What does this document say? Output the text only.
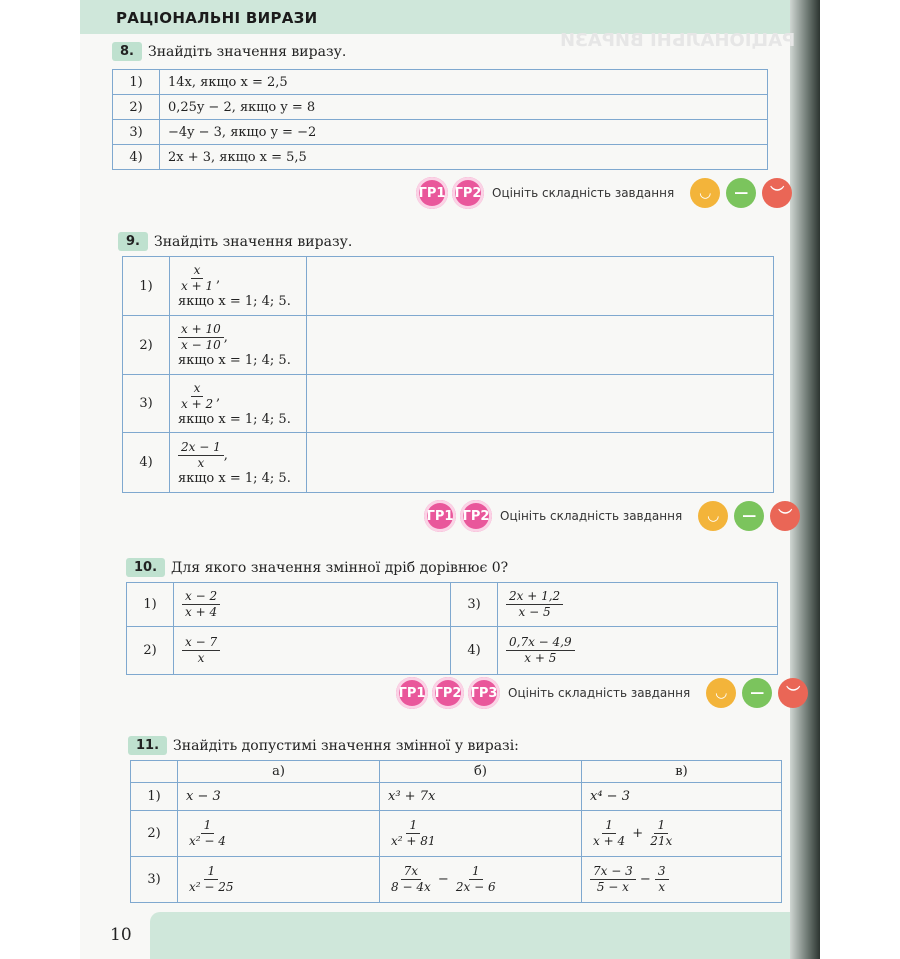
РАЦІОНАЛЬНІ ВИРАЗИ
РАЦІОНАЛЬНІ ВИРАЗИ
8.	Знайдіть значення виразу.
1)	14x, якщо x = 2,5
2)	0,25y − 2, якщо y = 8
3)	−4y − 3, якщо y = −2
4)	2x + 3, якщо x = 5,5
ГР1 ГР2 Оцініть складність завдання	◡	—	︶
9.	Знайдіть значення виразу.
1)	$\frac{x}{x + 1}$ ,
якщо x = 1; 4; 5.	
2)	$\frac{x + 10}{x - 10}$ ,
якщо x = 1; 4; 5.	
3)	$\frac{x}{x + 2}$ ,
якщо x = 1; 4; 5.	
4)	$\frac{2x - 1}{x}$ ,
якщо x = 1; 4; 5.	
ГР1 ГР2 Оцініть складність завдання	◡	—	︶
10.	Для якого значення змінної дріб дорівнює 0?
1)	$\frac{x - 2}{x + 4}$	3)	$\frac{2x + 1,2}{x - 5}$

2)	$\frac{x - 7}{x}$	4)	$\frac{0,7x - 4,9}{x + 5}$
ГР1 ГР2 ГР3 Оцініть складність завдання	◡	—	︶
11.	Знайдіть допустимі значення змінної у виразі:
	а)	б)	в)
1)	x − 3	x³ + 7x	x⁴ − 3
2)	$\frac{1}{\text{x² − 4}}$	$\frac{1}{\text{x² + 81}}$	$\frac{1}{x + 4} + \frac{1}{21x}$

3)	$\frac{1}{\text{x² − 25}}$	$\frac{7x}{8 - 4x} - \frac{1}{2x - 6}$	$\frac{7x - 3}{5 - x} - \frac{3}{x}$
10
